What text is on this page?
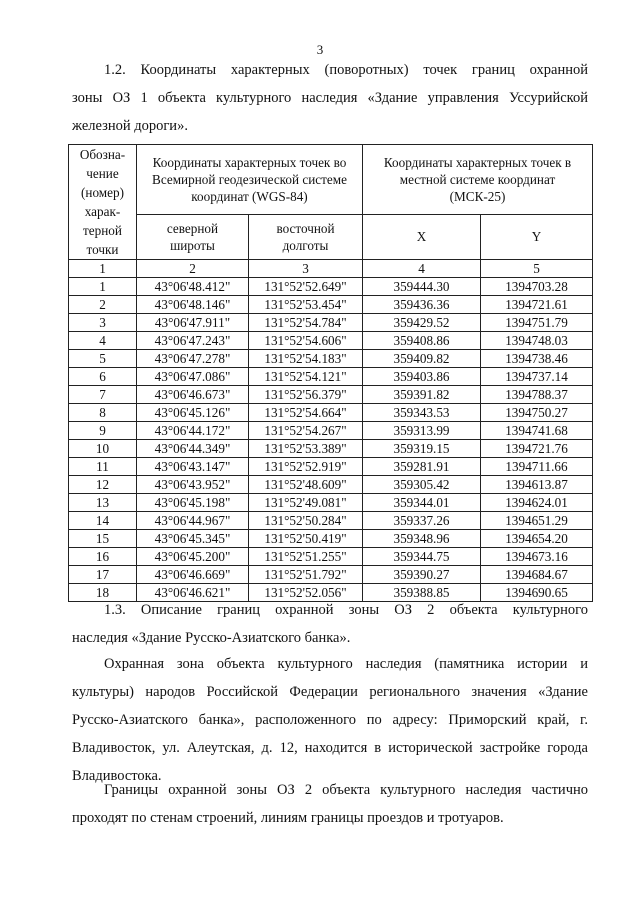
3
1.2. Координаты характерных (поворотных) точек границ охранной
зоны ОЗ 1 объекта культурного наследия «Здание управления Уссурийской
железной дороги».
Обозна-чение (номер) харак-терной точки	Координаты характерных точек во Всемирной геодезической системе координат (WGS-84)		Координаты характерных точек в местной системе координат (МСК-25)	
	северной широты	восточной долготы	X	Y
1	2	3	4	5
1	43°06'48.412"	131°52'52.649"	359444.30	1394703.28
2	43°06'48.146"	131°52'53.454"	359436.36	1394721.61
3	43°06'47.911"	131°52'54.784"	359429.52	1394751.79
4	43°06'47.243"	131°52'54.606"	359408.86	1394748.03
5	43°06'47.278"	131°52'54.183"	359409.82	1394738.46
6	43°06'47.086"	131°52'54.121"	359403.86	1394737.14
7	43°06'46.673"	131°52'56.379"	359391.82	1394788.37
8	43°06'45.126"	131°52'54.664"	359343.53	1394750.27
9	43°06'44.172"	131°52'54.267"	359313.99	1394741.68
10	43°06'44.349"	131°52'53.389"	359319.15	1394721.76
11	43°06'43.147"	131°52'52.919"	359281.91	1394711.66
12	43°06'43.952"	131°52'48.609"	359305.42	1394613.87
13	43°06'45.198"	131°52'49.081"	359344.01	1394624.01
14	43°06'44.967"	131°52'50.284"	359337.26	1394651.29
15	43°06'45.345"	131°52'50.419"	359348.96	1394654.20
16	43°06'45.200"	131°52'51.255"	359344.75	1394673.16
17	43°06'46.669"	131°52'51.792"	359390.27	1394684.67
18	43°06'46.621"	131°52'52.056"	359388.85	1394690.65
1.3. Описание границ охранной зоны ОЗ 2 объекта культурного
наследия «Здание Русско-Азиатского банка».

Охранная зона объекта культурного наследия (памятника истории и культуры) народов Российской Федерации регионального значения «Здание Русско-Азиатского банка», расположенного по адресу: Приморский край, г. Владивосток, ул. Алеутская, д. 12, находится в исторической застройке города Владивостока.

Границы охранной зоны ОЗ 2 объекта культурного наследия частично проходят по стенам строений, линиям границы проездов и тротуаров.
